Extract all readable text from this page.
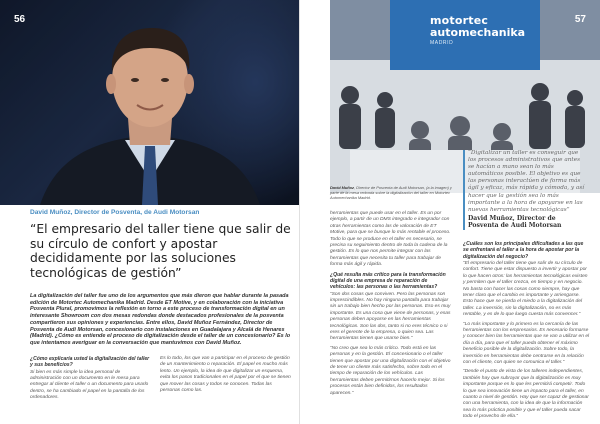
56
David Muñoz, Director de Posventa, de Audi Motorsan
“El empresario del taller tiene que salir de su círculo de confort y apostar decididamente por las soluciones tecnológicas de gestión”

La digitalización del taller fue uno de los argumentos que más dieron que hablar durante la pasada edición de Motortec Automechanika Madrid. Desde ET Motive, y en colaboración con la iniciativa Posventa Plural, promovimos la reflexión en torno a este proceso de transformación digital en un interesante Showroom con dos mesas redondas donde destacados profesionales de la posventa compartieron sus opiniones y experiencias. Entre ellos, David Muñoz Fernández, Director de Posventa de Audi Motorsan, concesionario con instalaciones en Guadalajara y Alcalá de Henares (Madrid). ¿Cómo es entiende el proceso de digitalización desde el taller de un concesionario? Es lo que intentamos averiguar en la conversación que mantuvimos con David Muñoz.

¿Cómo explicaría usted la digitalización del taller y sus beneficios?

Si bien es más simple la idea personal de administración con un documento en le mesa para entregar al cliente el taller o un documento para usarlo dentro, se ha cambiado el papel en la pantalla de los ordenadores.

Es lo todo, los que van a participar en el proceso de gestión de un mantenimiento o reparación. El papel es mucho más lento. Un ejemplo, la idea de que digitalizar un esquema, evita los pasos tradicionales en el papel por el que se tienen que mover las cosas y todos se conocen. Todas las personas como las.

motortec
automechanika
MADRID
57
David Muñoz, Director de Posventa de Audi Motorsan, (a la imagen) y parte de la mesa redonda sobre la digitalización del taller en Motortec Automechanika Madrid.

“Digitalizar un taller es conseguir que los procesos administrativos que antes se hacían a mano sean lo más automáticos posible. El objetivo es que las personas interactúen de forma más ágil y eficaz, más rápida y cómoda, y así hacer que la gestión sea lo más importante a la hora de apoyarse en las nuevas herramientas tecnológicas”

David Muñoz, Director de Posventa de Audi Motorsan

herramientas que puede usar en el taller. Es un por ejemplo, a partir de un DMS integrado e integrador con otras herramientas como las de valoración de ET Motive, para que se busque lo más rentable el proceso. Todo lo que se produce en el taller es necesario, se precisa su seguimiento dentro de toda la cadena de la gestión. Es lo que nos permite integrar con las herramientas que necesita tu taller para trabajar de forma más ágil y rápida.

¿Qué resulta más crítico para la transformación digital de una empresa de reparación de vehículos: las personas o las herramientas?

“Son dos cosas que conviven. Pero las personas son imprescindibles. No hay ninguna pantalla para trabajar sin un trabajo bien hecho por las personas. Eso es muy importante. Es una cosa que viene de personas, y esas personas deben apoyarse en las herramientas tecnológicas. Son las dos, tanto si no eres técnico o si eres el gerente de la empresa, o quien sea. Las herramientas tienen que usarse bien.”

“No creo que sea lo más crítico. Todo está en las personas y en la gestión. El concesionario o el taller tienen que apostar por una digitalización con el objetivo de tener un cliente más satisfecho, sobre todo en el tiempo de reparación de los vehículos. Las herramientas deben permitirnos hacerlo mejor. Si los procesos están bien definidos, los resultados aparecen.”

¿Cuáles son los principales dificultades a las que se enfrentará el taller a la hora de apostar por la digitalización del negocio?

“El empresario del taller tiene que salir de su círculo de confort. Tiene que estar dispuesto a invertir y apostar por lo que hacen otros: las herramientas tecnológicas existen y permiten que el taller crezca, en tiempo y en negocio. No basta con hacer las cosas como siempre, hay que tener claro que el cambio es importante y arriesgarse. Esto hace que se pierda el miedo a la digitalización del taller. La inversión, sin la digitalización, no es más rentable, y es de lo que luego cuesta más convencer.”

“Lo más importante y lo primero es la cercanía de las herramientas con los empresarios. Es necesario formarse y conocer bien las herramientas que se van a utilizar en el día a día, para que el taller pueda obtener el máximo beneficio posible de la digitalización. Sobre todo, la inversión en herramientas debe centrarse en la relación con el cliente, con quien se comunica el taller.”

“Desde el punto de vista de los talleres independientes, también hay que subrayar que la digitalización es muy importante porque es lo que les permitirá competir. Todo lo que sea innovación tiene un impacto para el taller, en cuanto a nivel de gestión. Hay que ser capaz de gestionar con una herramienta, con la idea de que la información sea lo más práctica posible y que el taller pueda sacar todo el provecho de ella.”
